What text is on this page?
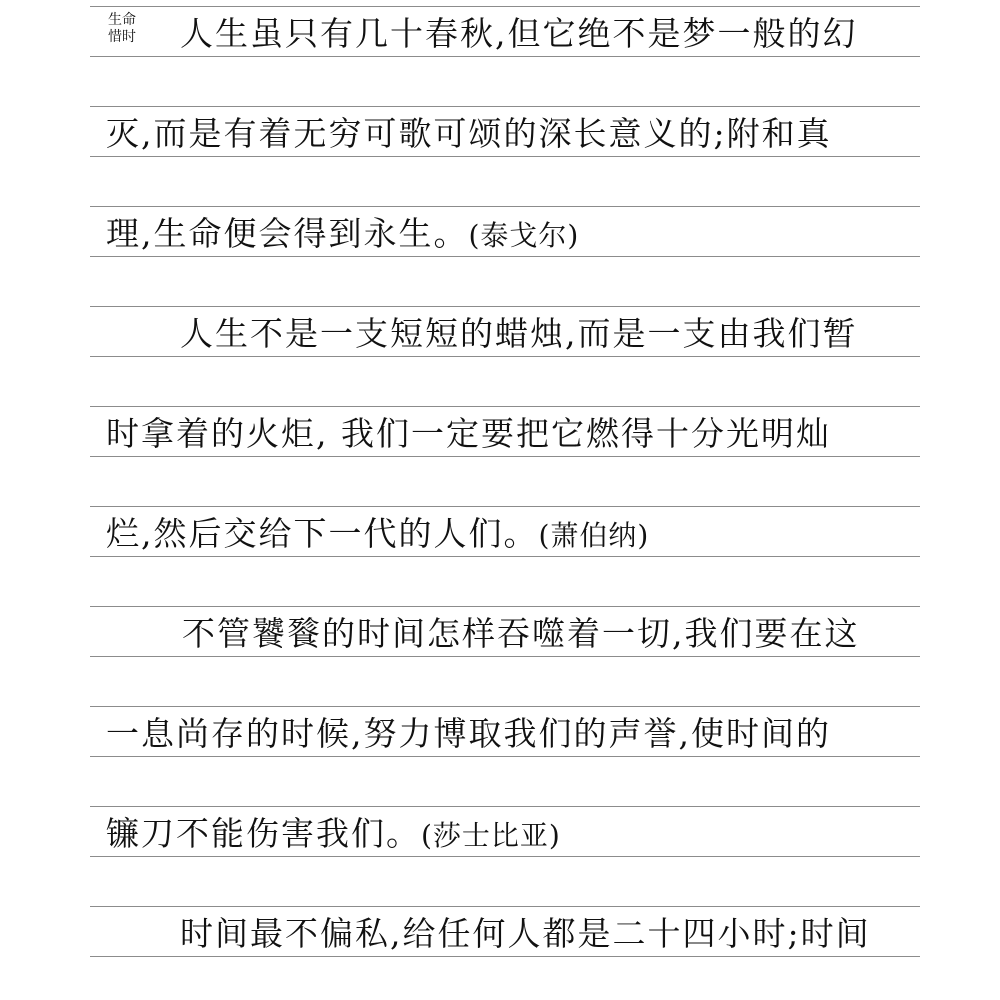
生命
惜时	人生虽只有几十春秋,但它绝不是梦一般的幻
灭,而是有着无穷可歌可颂的深长意义的;附和真
理,生命便会得到永生。(泰戈尔)
人生不是一支短短的蜡烛,而是一支由我们暂
时拿着的火炬, 我们一定要把它燃得十分光明灿
烂,然后交给下一代的人们。(萧伯纳)
不管饕餮的时间怎样吞噬着一切,我们要在这
一息尚存的时候,努力博取我们的声誉,使时间的
镰刀不能伤害我们。(莎士比亚)
时间最不偏私,给任何人都是二十四小时;时间
